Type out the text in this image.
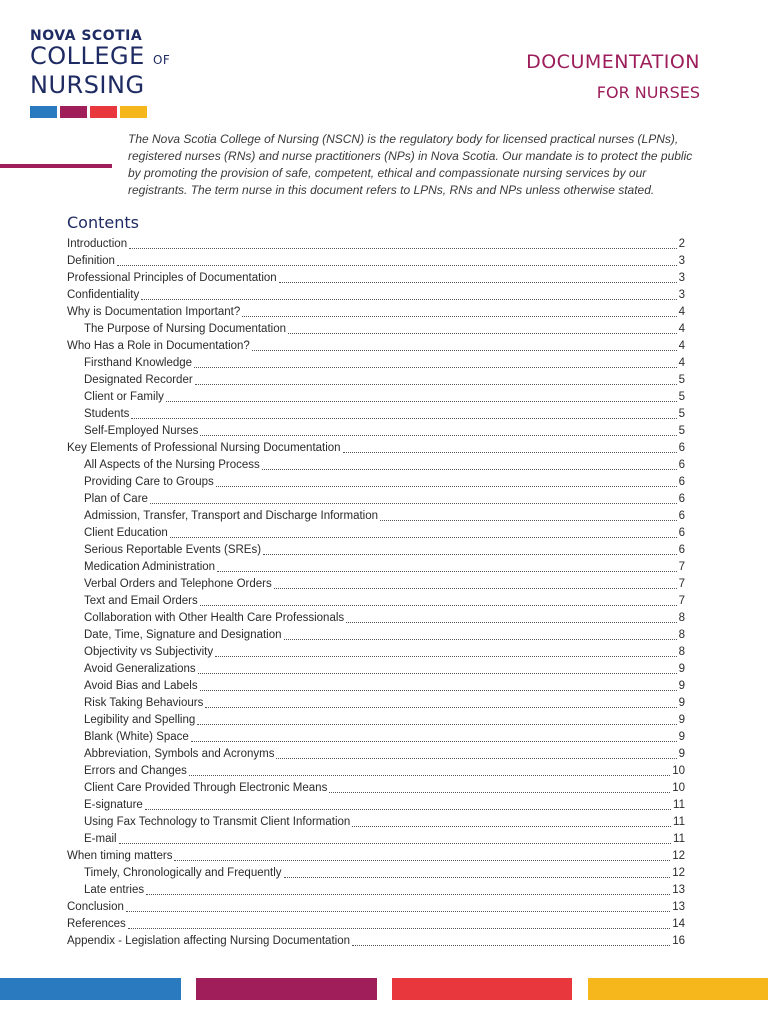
NOVA SCOTIA
COLLEGE OF
NURSING
DOCUMENTATION
FOR NURSES
The Nova Scotia College of Nursing (NSCN) is the regulatory body for licensed practical nurses (LPNs), registered nurses (RNs) and nurse practitioners (NPs) in Nova Scotia. Our mandate is to protect the public by promoting the provision of safe, competent, ethical and compassionate nursing services by our registrants. The term nurse in this document refers to LPNs, RNs and NPs unless otherwise stated.
Contents
Introduction	2
Definition	3
Professional Principles of Documentation	3
Confidentiality	3
Why is Documentation Important?	4
The Purpose of Nursing Documentation	4
Who Has a Role in Documentation?	4
Firsthand Knowledge	4
Designated Recorder	5
Client or Family	5
Students	5
Self-Employed Nurses	5
Key Elements of Professional Nursing Documentation	6
All Aspects of the Nursing Process	6
Providing Care to Groups	6
Plan of Care	6
Admission, Transfer, Transport and Discharge Information	6
Client Education	6
Serious Reportable Events (SREs)	6
Medication Administration	7
Verbal Orders and Telephone Orders	7
Text and Email Orders	7
Collaboration with Other Health Care Professionals	8
Date, Time, Signature and Designation	8
Objectivity vs Subjectivity	8
Avoid Generalizations	9
Avoid Bias and Labels	9
Risk Taking Behaviours	9
Legibility and Spelling	9
Blank (White) Space	9
Abbreviation, Symbols and Acronyms	9
Errors and Changes	10
Client Care Provided Through Electronic Means	10
E-signature	11
Using Fax Technology to Transmit Client Information	11
E-mail	11
When timing matters	12
Timely, Chronologically and Frequently	12
Late entries	13
Conclusion	13
References	14
Appendix - Legislation affecting Nursing Documentation	16
